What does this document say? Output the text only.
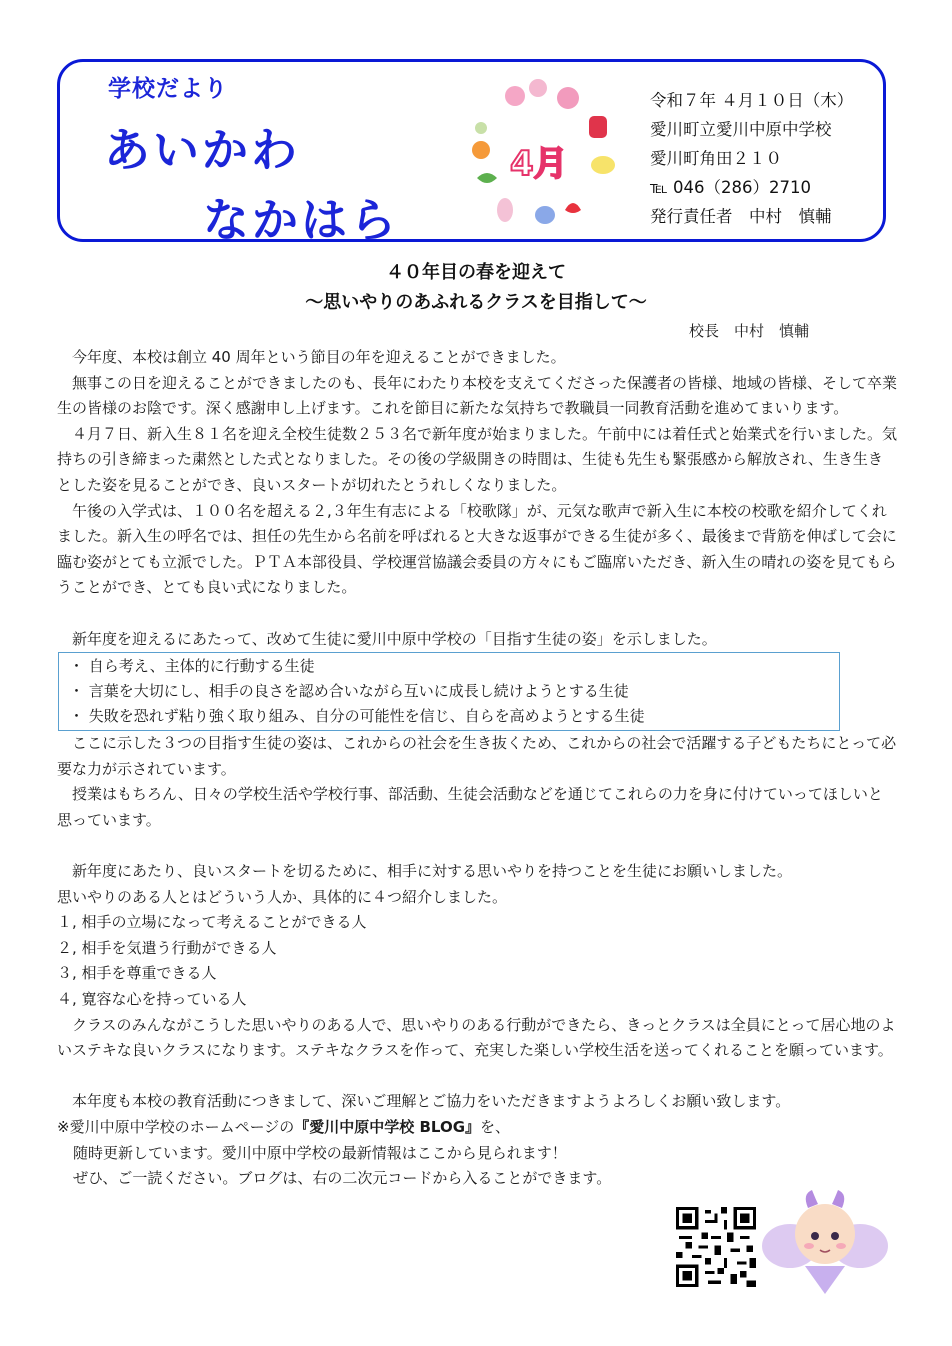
学校だより
あいかわ
なかはら
4月
令和７年 ４月１０日（木）
愛川町立愛川中原中学校
愛川町角田２１０
℡ 046（286）2710
発行責任者　中村　慎輔
４０年目の春を迎えて
～思いやりのあふれるクラスを目指して～
校長　中村　慎輔

今年度、本校は創立 40 周年という節目の年を迎えることができました。

無事この日を迎えることができましたのも、長年にわたり本校を支えてくださった保護者の皆様、地域の皆様、そして卒業生の皆様のお陰です。深く感謝申し上げます。これを節目に新たな気持ちで教職員一同教育活動を進めてまいります。

４月７日、新入生８１名を迎え全校生徒数２５３名で新年度が始まりました。午前中には着任式と始業式を行いました。気持ちの引き締まった粛然とした式となりました。その後の学級開きの時間は、生徒も先生も緊張感から解放され、生き生きとした姿を見ることができ、良いスタートが切れたとうれしくなりました。

午後の入学式は、１００名を超える２,３年生有志による「校歌隊」が、元気な歌声で新入生に本校の校歌を紹介してくれました。新入生の呼名では、担任の先生から名前を呼ばれると大きな返事ができる生徒が多く、最後まで背筋を伸ばして会に臨む姿がとても立派でした。ＰＴＡ本部役員、学校運営協議会委員の方々にもご臨席いただき、新入生の晴れの姿を見てもらうことができ、とても良い式になりました。

新年度を迎えるにあたって、改めて生徒に愛川中原中学校の「目指す生徒の姿」を示しました。

・ 自ら考え、主体的に行動する生徒
・ 言葉を大切にし、相手の良さを認め合いながら互いに成長し続けようとする生徒
・ 失敗を恐れず粘り強く取り組み、自分の可能性を信じ、自らを高めようとする生徒

ここに示した３つの目指す生徒の姿は、これからの社会を生き抜くため、これからの社会で活躍する子どもたちにとって必要な力が示されています。

授業はもちろん、日々の学校生活や学校行事、部活動、生徒会活動などを通じてこれらの力を身に付けていってほしいと思っています。

新年度にあたり、良いスタートを切るために、相手に対する思いやりを持つことを生徒にお願いしました。

思いやりのある人とはどういう人か、具体的に４つ紹介しました。

１, 相手の立場になって考えることができる人

２, 相手を気遣う行動ができる人

３, 相手を尊重できる人

４, 寛容な心を持っている人

クラスのみんながこうした思いやりのある人で、思いやりのある行動ができたら、きっとクラスは全員にとって居心地のよいステキな良いクラスになります。ステキなクラスを作って、充実した楽しい学校生活を送ってくれることを願っています。

本年度も本校の教育活動につきまして、深いご理解とご協力をいただきますようよろしくお願い致します。

※愛川中原中学校のホームページの『愛川中原中学校 BLOG』を、

随時更新しています。愛川中原中学校の最新情報はここから見られます！

ぜひ、ご一読ください。ブログは、右の二次元コードから入ることができます。
